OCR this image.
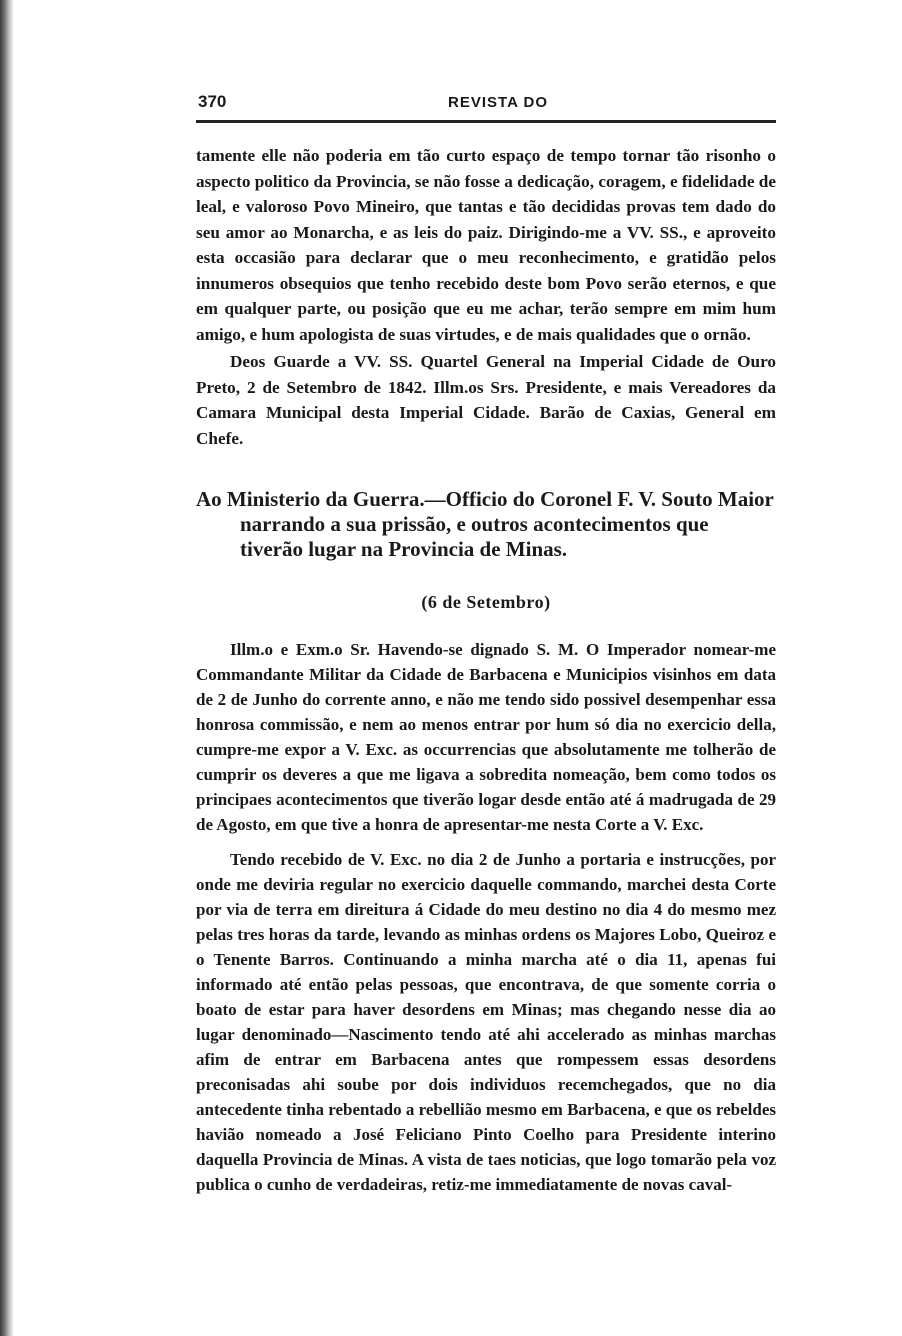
370	REVISTA DO

tamente elle não poderia em tão curto espaço de tempo tornar tão risonho o aspecto politico da Provincia, se não fosse a dedicação, coragem, e fidelidade de leal, e valoroso Povo Mineiro, que tantas e tão decididas provas tem dado do seu amor ao Monarcha, e as leis do paiz. Dirigindo-me a VV. SS., e aproveito esta occasião para declarar que o meu reconhecimento, e gratidão pelos innumeros obsequios que tenho recebido deste bom Povo serão eternos, e que em qualquer parte, ou posição que eu me achar, terão sempre em mim hum amigo, e hum apologista de suas virtudes, e de mais qualidades que o ornão.

Deos Guarde a VV. SS. Quartel General na Imperial Cidade de Ouro Preto, 2 de Setembro de 1842. Illm.os Srs. Presidente, e mais Vereadores da Camara Municipal desta Imperial Cidade. Barão de Caxias, General em Chefe.

Ao Ministerio da Guerra.—Officio do Coronel F. V. Souto Maior narrando a sua prissão, e outros acontecimentos que tiverão lugar na Provincia de Minas.

(6 de Setembro)

Illm.o e Exm.o Sr. Havendo-se dignado S. M. O Imperador nomear-me Commandante Militar da Cidade de Barbacena e Municipios visinhos em data de 2 de Junho do corrente anno, e não me tendo sido possivel desempenhar essa honrosa commissão, e nem ao menos entrar por hum só dia no exercicio della, cumpre-me expor a V. Exc. as occurrencias que absolutamente me tolherão de cumprir os deveres a que me ligava a sobredita nomeação, bem como todos os principaes acontecimentos que tiverão logar desde então até á madrugada de 29 de Agosto, em que tive a honra de apresentar-me nesta Corte a V. Exc.

Tendo recebido de V. Exc. no dia 2 de Junho a portaria e instrucções, por onde me deviria regular no exercicio daquelle commando, marchei desta Corte por via de terra em direitura á Cidade do meu destino no dia 4 do mesmo mez pelas tres horas da tarde, levando as minhas ordens os Majores Lobo, Queiroz e o Tenente Barros. Continuando a minha marcha até o dia 11, apenas fui informado até então pelas pessoas, que encontrava, de que somente corria o boato de estar para haver desordens em Minas; mas chegando nesse dia ao lugar denominado—Nascimento tendo até ahi accelerado as minhas marchas afim de entrar em Barbacena antes que rompessem essas desordens preconisadas ahi soube por dois individuos recemchegados, que no dia antecedente tinha rebentado a rebellião mesmo em Barbacena, e que os rebeldes havião nomeado a José Feliciano Pinto Coelho para Presidente interino daquella Provincia de Minas. A vista de taes noticias, que logo tomarão pela voz publica o cunho de verdadeiras, retiz-me immediatamente de novas caval-
